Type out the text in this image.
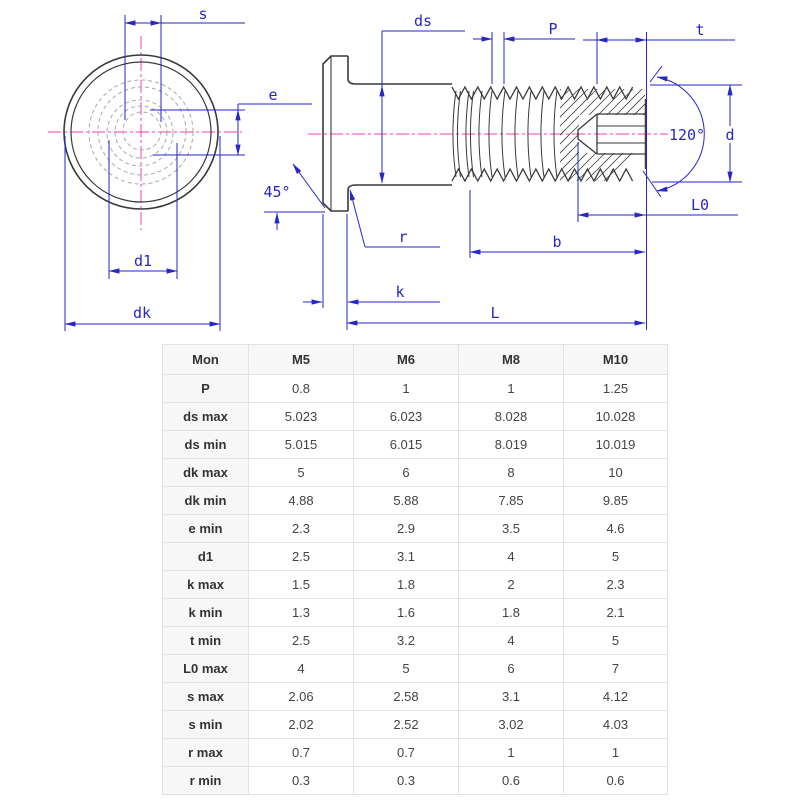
s
e
d1
dk
ds	P	t
d
120°
45°
L0
b
r
k
L
Mon	M5	M6	M8	M10
P	0.8	1	1	1.25
ds max	5.023	6.023	8.028	10.028
ds min	5.015	6.015	8.019	10.019
dk max	5	6	8	10
dk min	4.88	5.88	7.85	9.85
e min	2.3	2.9	3.5	4.6
d1	2.5	3.1	4	5
k max	1.5	1.8	2	2.3
k min	1.3	1.6	1.8	2.1
t min	2.5	3.2	4	5
L0 max	4	5	6	7
s max	2.06	2.58	3.1	4.12
s min	2.02	2.52	3.02	4.03
r max	0.7	0.7	1	1
r min	0.3	0.3	0.6	0.6
